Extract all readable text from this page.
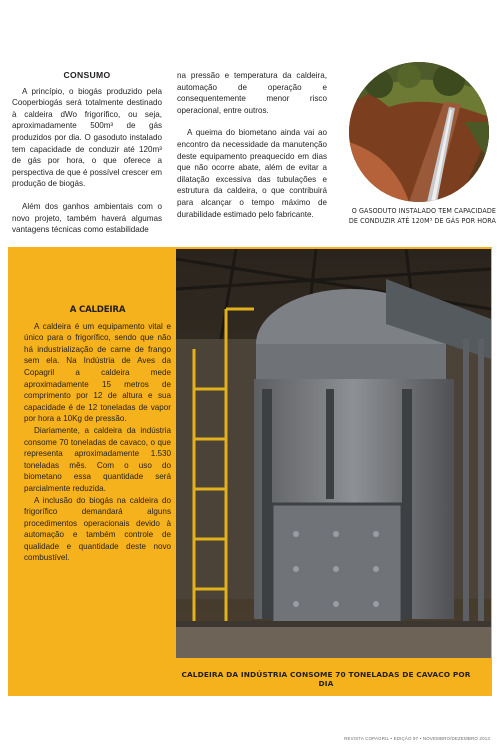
CONSUMO

A princípio, o biogás produzido pela Cooperbiogás será totalmente destinado à caldeira dWo frigorífico, ou seja, aproximadamente 500m³ de gás produzidos por dia. O gasoduto instalado tem capacidade de conduzir até 120m³ de gás por hora, o que oferece a perspectiva de que é possível crescer em produção de biogás.

Além dos ganhos ambientais com o novo projeto, também haverá algumas vantagens técnicas como estabilidade

na pressão e temperatura da caldeira, automação de operação e consequentemente menor risco operacional, entre outros.

A queima do biometano ainda vai ao encontro da necessidade da manutenção deste equipamento preaquecido em dias que não ocorre abate, além de evitar a dilatação excessiva das tubulações e estrutura da caldeira, o que contribuirá para alcançar o tempo máximo de durabilidade estimado pelo fabricante.	O GASODUTO INSTALADO TEM CAPACIDADE
DE CONDUZIR ATÉ 120M³ DE GÁS POR HORA
A CALDEIRA

A caldeira é um equipamento vital e único para o frigorífico, sendo que não há industrialização de carne de frango sem ela. Na Indústria de Aves da Copagril a caldeira mede aproximadamente 15 metros de comprimento por 12 de altura e sua capacidade é de 12 toneladas de vapor por hora a 10Kg de pressão.

Diariamente, a caldeira da indústria consome 70 toneladas de cavaco, o que representa aproximadamente 1.530 toneladas mês. Com o uso do biometano essa quantidade será parcialmente reduzida.

A inclusão do biogás na caldeira do frigorífico demandará alguns procedimentos operacionais devido à automação e também controle de qualidade e quantidade deste novo combustível.

CALDEIRA DA INDÚSTRIA CONSOME 70 TONELADAS DE CAVACO POR DIA
REVISTA COPAGRIL • EDIÇÃO 97 • NOVEMBRO/DEZEMBRO 2013
